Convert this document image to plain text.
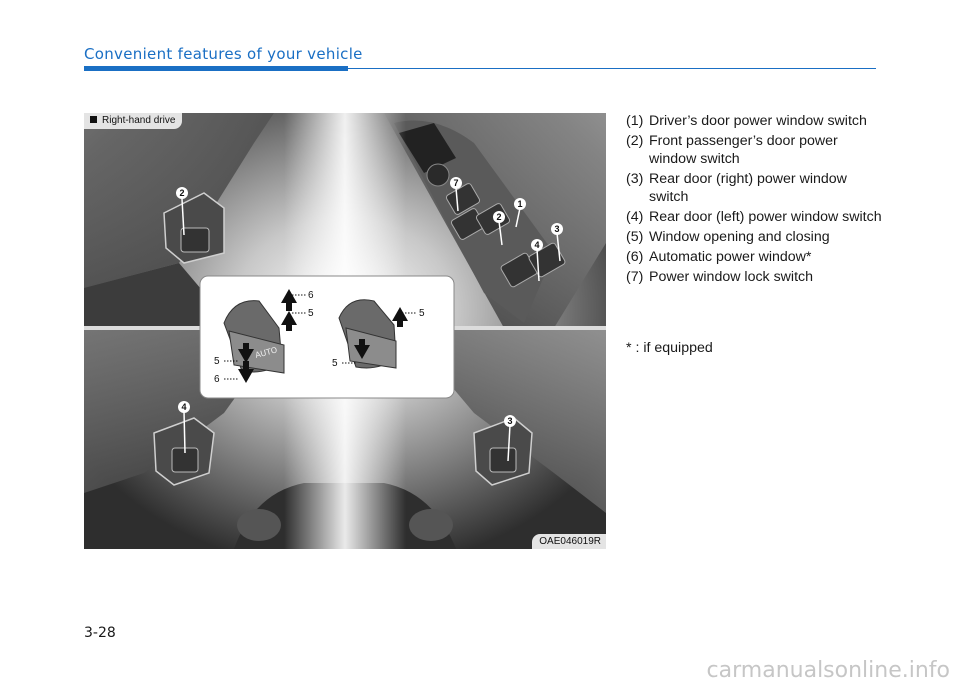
Convenient features of your vehicle
AUTO
6
5
5
6
5
5
2
7
2
1
3
4
4
3
Right-hand drive
OAE046019R
(1) Driver’s door power window switch
(2) Front passenger’s door power window switch
(3) Rear door (right) power window switch
(4) Rear door (left) power window switch
(5) Window opening and closing
(6) Automatic power window*
(7) Power window lock switch
* : if equipped
3-28
carmanualsonline.info
